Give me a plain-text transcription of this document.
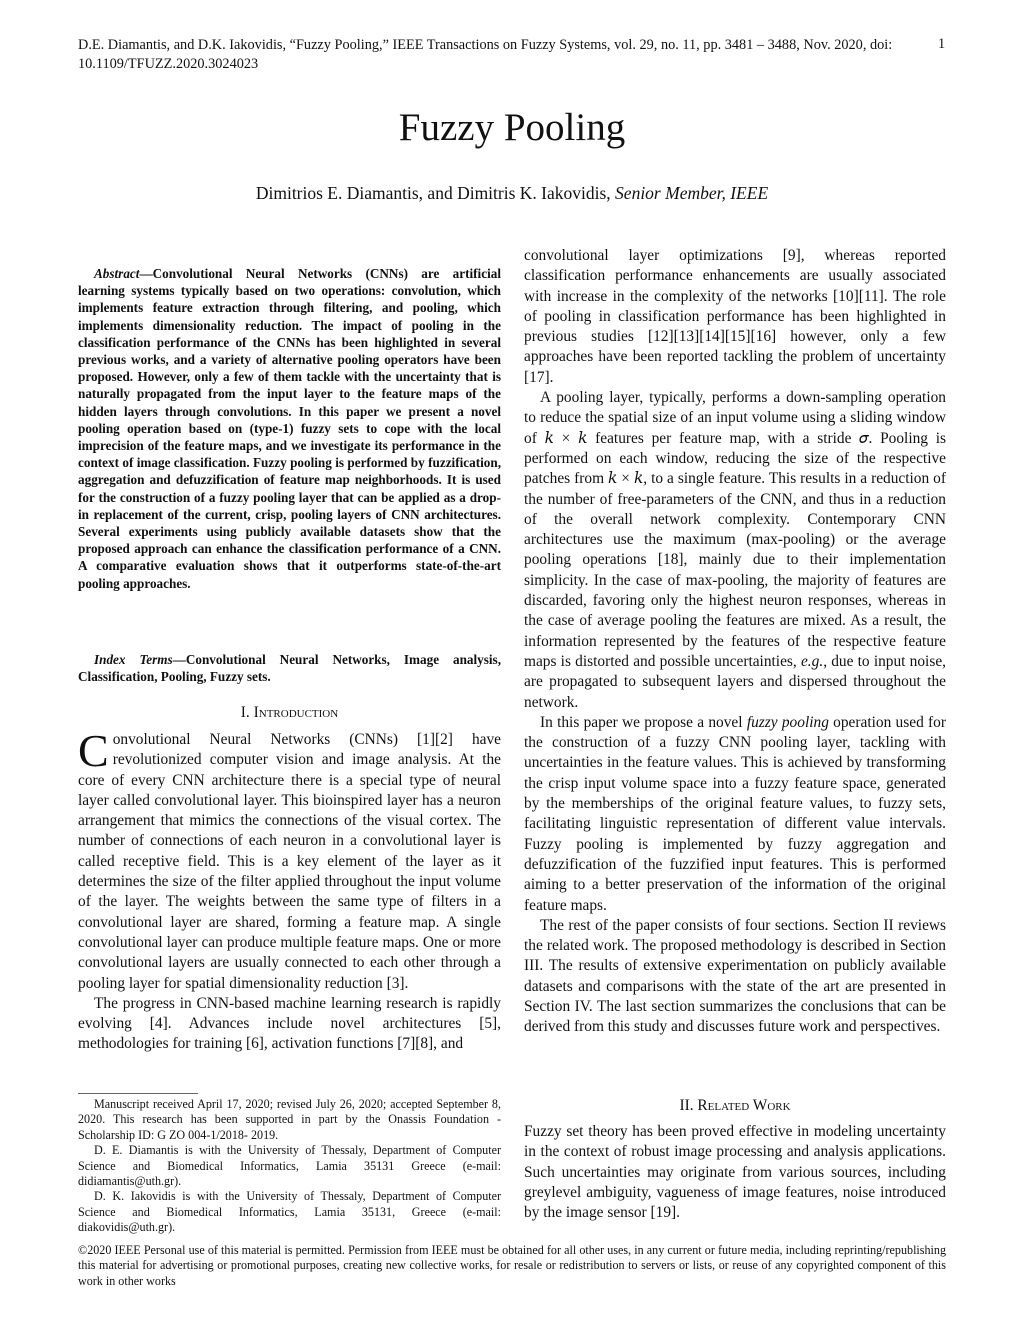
D.E. Diamantis, and D.K. Iakovidis, “Fuzzy Pooling,” IEEE Transactions on Fuzzy Systems, vol. 29, no. 11, pp. 3481 – 3488, Nov. 2020, doi: 10.1109/TFUZZ.2020.3024023
1
Fuzzy Pooling
Dimitrios E. Diamantis, and Dimitris K. Iakovidis, Senior Member, IEEE
Abstract—Convolutional Neural Networks (CNNs) are artificial learning systems typically based on two operations: convolution, which implements feature extraction through filtering, and pooling, which implements dimensionality reduction. The impact of pooling in the classification performance of the CNNs has been highlighted in several previous works, and a variety of alternative pooling operators have been proposed. However, only a few of them tackle with the uncertainty that is naturally propagated from the input layer to the feature maps of the hidden layers through convolutions. In this paper we present a novel pooling operation based on (type-1) fuzzy sets to cope with the local imprecision of the feature maps, and we investigate its performance in the context of image classification. Fuzzy pooling is performed by fuzzification, aggregation and defuzzification of feature map neighborhoods. It is used for the construction of a fuzzy pooling layer that can be applied as a drop-in replacement of the current, crisp, pooling layers of CNN architectures. Several experiments using publicly available datasets show that the proposed approach can enhance the classification performance of a CNN. A comparative evaluation shows that it outperforms state-of-the-art pooling approaches.
Index Terms—Convolutional Neural Networks, Image analysis, Classification, Pooling, Fuzzy sets.
I. Introduction

Convolutional Neural Networks (CNNs) [1][2] have revolutionized computer vision and image analysis. At the core of every CNN architecture there is a special type of neural layer called convolutional layer. This bioinspired layer has a neuron arrangement that mimics the connections of the visual cortex. The number of connections of each neuron in a convolutional layer is called receptive field. This is a key element of the layer as it determines the size of the filter applied throughout the input volume of the layer. The weights between the same type of filters in a convolutional layer are shared, forming a feature map. A single convolutional layer can produce multiple feature maps. One or more convolutional layers are usually connected to each other through a pooling layer for spatial dimensionality reduction [3].

The progress in CNN-based machine learning research is rapidly evolving [4]. Advances include novel architectures [5], methodologies for training [6], activation functions [7][8], and

Manuscript received April 17, 2020; revised July 26, 2020; accepted September 8, 2020. This research has been supported in part by the Onassis Foundation - Scholarship ID: G ZO 004-1/2018- 2019.

D. E. Diamantis is with the University of Thessaly, Department of Computer Science and Biomedical Informatics, Lamia 35131 Greece (e-mail: didiamantis@uth.gr).

D. K. Iakovidis is with the University of Thessaly, Department of Computer Science and Biomedical Informatics, Lamia 35131, Greece (e-mail: diakovidis@uth.gr).

convolutional layer optimizations [9], whereas reported classification performance enhancements are usually associated with increase in the complexity of the networks [10][11]. The role of pooling in classification performance has been highlighted in previous studies [12][13][14][15][16] however, only a few approaches have been reported tackling the problem of uncertainty [17].

A pooling layer, typically, performs a down-sampling operation to reduce the spatial size of an input volume using a sliding window of 𝑘 × 𝑘 features per feature map, with a stride 𝜎. Pooling is performed on each window, reducing the size of the respective patches from 𝑘 × 𝑘, to a single feature. This results in a reduction of the number of free-parameters of the CNN, and thus in a reduction of the overall network complexity. Contemporary CNN architectures use the maximum (max-pooling) or the average pooling operations [18], mainly due to their implementation simplicity. In the case of max-pooling, the majority of features are discarded, favoring only the highest neuron responses, whereas in the case of average pooling the features are mixed. As a result, the information represented by the features of the respective feature maps is distorted and possible uncertainties, e.g., due to input noise, are propagated to subsequent layers and dispersed throughout the network.

In this paper we propose a novel fuzzy pooling operation used for the construction of a fuzzy CNN pooling layer, tackling with uncertainties in the feature values. This is achieved by transforming the crisp input volume space into a fuzzy feature space, generated by the memberships of the original feature values, to fuzzy sets, facilitating linguistic representation of different value intervals. Fuzzy pooling is implemented by fuzzy aggregation and defuzzification of the fuzzified input features. This is performed aiming to a better preservation of the information of the original feature maps.

The rest of the paper consists of four sections. Section II reviews the related work. The proposed methodology is described in Section III. The results of extensive experimentation on publicly available datasets and comparisons with the state of the art are presented in Section IV. The last section summarizes the conclusions that can be derived from this study and discusses future work and perspectives.

II. Related Work

Fuzzy set theory has been proved effective in modeling uncertainty in the context of robust image processing and analysis applications. Such uncertainties may originate from various sources, including greylevel ambiguity, vagueness of image features, noise introduced by the image sensor [19].

©2020 IEEE Personal use of this material is permitted. Permission from IEEE must be obtained for all other uses, in any current or future media, including reprinting/republishing this material for advertising or promotional purposes, creating new collective works, for resale or redistribution to servers or lists, or reuse of any copyrighted component of this work in other works
